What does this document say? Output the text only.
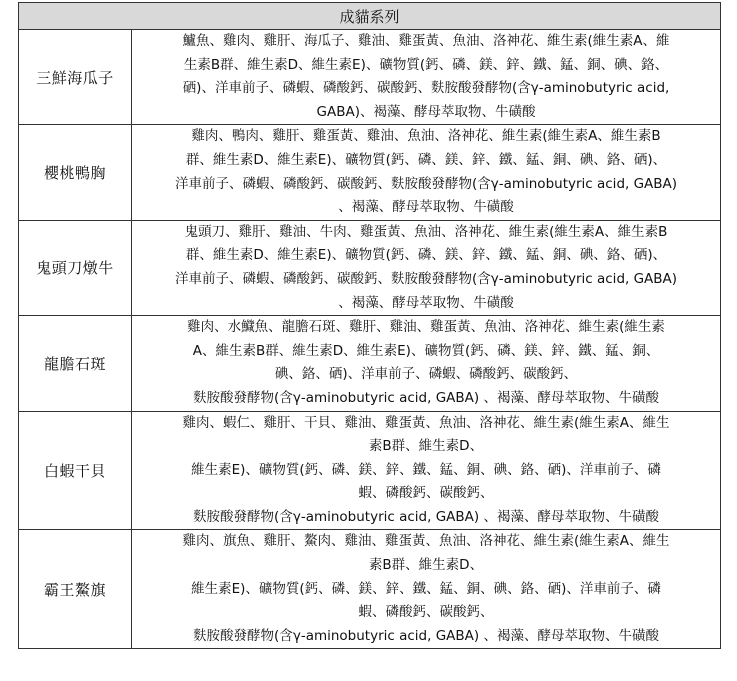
成貓系列	
三鮮海瓜子	鱸魚、雞肉、雞肝、海瓜子、雞油、雞蛋黃、魚油、洛神花、維生素(維生素A、維
生素B群、維生素D、維生素E)、礦物質(鈣、磷、鎂、鋅、鐵、錳、銅、碘、鉻、
硒)、洋車前子、磷蝦、磷酸鈣、碳酸鈣、麩胺酸發酵物(含γ-aminobutyric acid,
GABA)、褐藻、酵母萃取物、牛磺酸

櫻桃鴨胸	雞肉、鴨肉、雞肝、雞蛋黃、雞油、魚油、洛神花、維生素(維生素A、維生素B
群、維生素D、維生素E)、礦物質(鈣、磷、鎂、鋅、鐵、錳、銅、碘、鉻、硒)、
洋車前子、磷蝦、磷酸鈣、碳酸鈣、麩胺酸發酵物(含γ-aminobutyric acid, GABA)
、褐藻、酵母萃取物、牛磺酸

鬼頭刀燉牛	鬼頭刀、雞肝、雞油、牛肉、雞蛋黃、魚油、洛神花、維生素(維生素A、維生素B
群、維生素D、維生素E)、礦物質(鈣、磷、鎂、鋅、鐵、錳、銅、碘、鉻、硒)、
洋車前子、磷蝦、磷酸鈣、碳酸鈣、麩胺酸發酵物(含γ-aminobutyric acid, GABA)
、褐藻、酵母萃取物、牛磺酸

龍膽石斑	雞肉、水鱵魚、龍膽石斑、雞肝、雞油、雞蛋黃、魚油、洛神花、維生素(維生素
A、維生素B群、維生素D、維生素E)、礦物質(鈣、磷、鎂、鋅、鐵、錳、銅、
碘、鉻、硒)、洋車前子、磷蝦、磷酸鈣、碳酸鈣、
麩胺酸發酵物(含γ-aminobutyric acid, GABA) 、褐藻、酵母萃取物、牛磺酸

白蝦干貝	雞肉、蝦仁、雞肝、干貝、雞油、雞蛋黃、魚油、洛神花、維生素(維生素A、維生
素B群、維生素D、
維生素E)、礦物質(鈣、磷、鎂、鋅、鐵、錳、銅、碘、鉻、硒)、洋車前子、磷
蝦、磷酸鈣、碳酸鈣、
麩胺酸發酵物(含γ-aminobutyric acid, GABA) 、褐藻、酵母萃取物、牛磺酸

霸王鰲旗	雞肉、旗魚、雞肝、鰲肉、雞油、雞蛋黃、魚油、洛神花、維生素(維生素A、維生
素B群、維生素D、
維生素E)、礦物質(鈣、磷、鎂、鋅、鐵、錳、銅、碘、鉻、硒)、洋車前子、磷
蝦、磷酸鈣、碳酸鈣、
麩胺酸發酵物(含γ-aminobutyric acid, GABA) 、褐藻、酵母萃取物、牛磺酸
